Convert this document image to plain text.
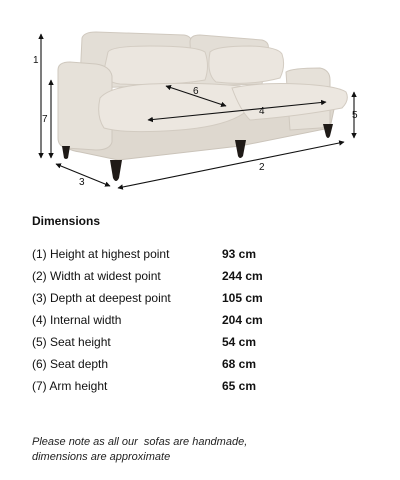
1
7
3
2
6
4	5
Dimensions
(1) Height at highest point	93 cm
(2) Width at widest point	244 cm
(3) Depth at deepest point	105 cm
(4) Internal width	204 cm
(5) Seat height	54 cm
(6) Seat depth	68 cm
(7) Arm height	65 cm
Please note as all our  sofas are handmade,
dimensions are approximate
